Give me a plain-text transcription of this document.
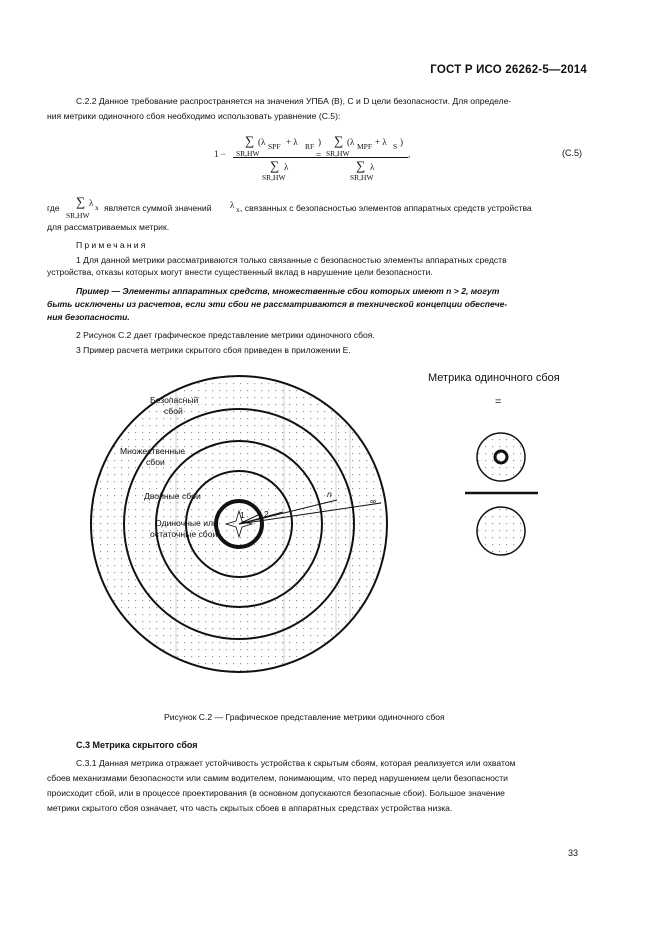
ГОСТ Р ИСО 26262-5—2014
С.2.2 Данное требование распространяется на значения УПБА (B), C и D цели безопасности. Для определе-
ния метрики одиночного сбоя необходимо использовать уравнение (С.5):
1 −
∑ (λ SPF + λ RF )
SR,HW
∑ λ
SR,HW
=
∑ (λ MPF + λ S )
SR,HW
∑ λ
SR,HW
,	(С.5)
где ∑ λ x
SR,HW
является суммой значений λ x , связанных с безопасностью элементов аппаратных средств устройства
для рассматриваемых метрик.
Примечания
1 Для данной метрики рассматриваются только связанные с безопасностью элементы аппаратных средств
устройства, отказы которых могут внести существенный вклад в нарушение цели безопасности.
Пример — Элементы аппаратных средств, множественные сбои которых имеют n > 2, могут
быть исключены из расчетов, если эти сбои не рассматриваются в технической концепции обеспече-
ния безопасности.
2 Рисунок С.2 дает графическое представление метрики одиночного сбоя.
3 Пример расчета метрики скрытого сбоя приведен в приложении Е.
1 2
n
∞
Безопасный
сбой
Множественные
сбои
Двойные сбои
Одиночные или
остаточные сбои
Метрика одиночного сбоя
=
Рисунок С.2 — Графическое представление метрики одиночного сбоя
С.3 Метрика скрытого сбоя
С.3.1 Данная метрика отражает устойчивость устройства к скрытым сбоям, которая реализуется или охватом
сбоев механизмами безопасности или самим водителем, понимающим, что перед нарушением цели безопасности
происходит сбой, или в процессе проектирования (в основном допускаются безопасные сбои). Большое значение
метрики скрытого сбоя означает, что часть скрытых сбоев в аппаратных средствах устройства низка.
33
